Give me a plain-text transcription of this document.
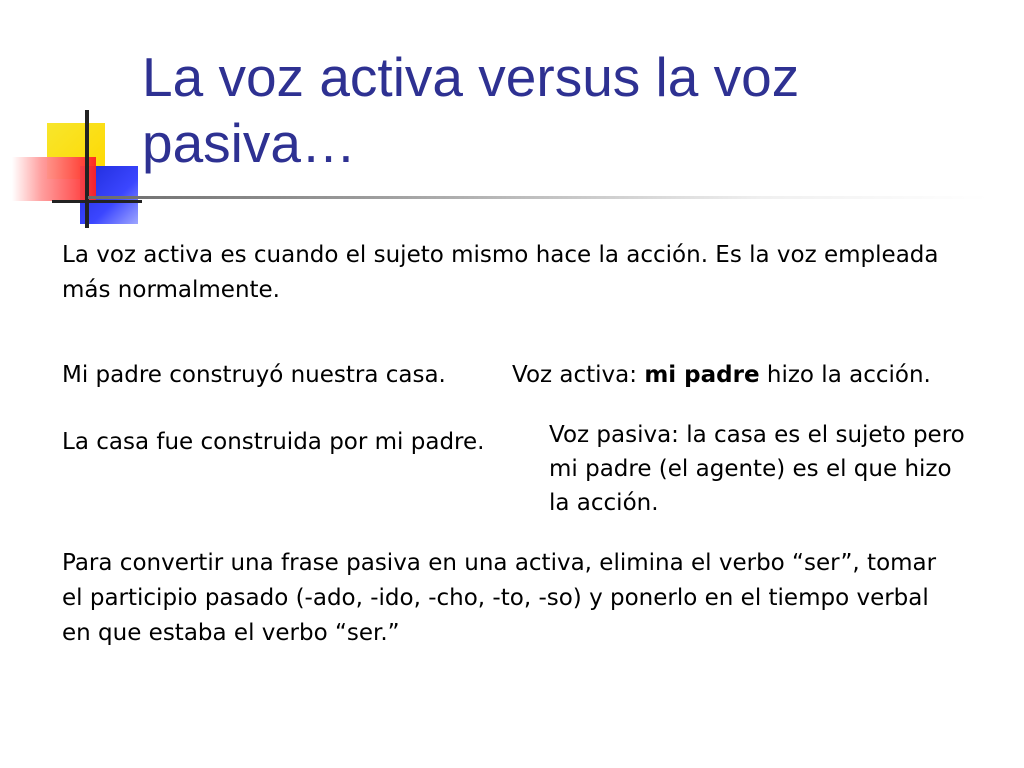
La voz activa versus la voz pasiva…

La voz activa es cuando el sujeto mismo hace la acción. Es la voz empleada más normalmente.

Mi padre construyó nuestra casa.	Voz activa: mi padre hizo la acción.

La casa fue construida por mi padre.	Voz pasiva: la casa es el sujeto pero mi padre (el agente) es el que hizo la acción.

Para convertir una frase pasiva en una activa, elimina el verbo “ser”, tomar el participio pasado (-ado, -ido, -cho, -to, -so) y ponerlo en el tiempo verbal en que estaba el verbo “ser.”
